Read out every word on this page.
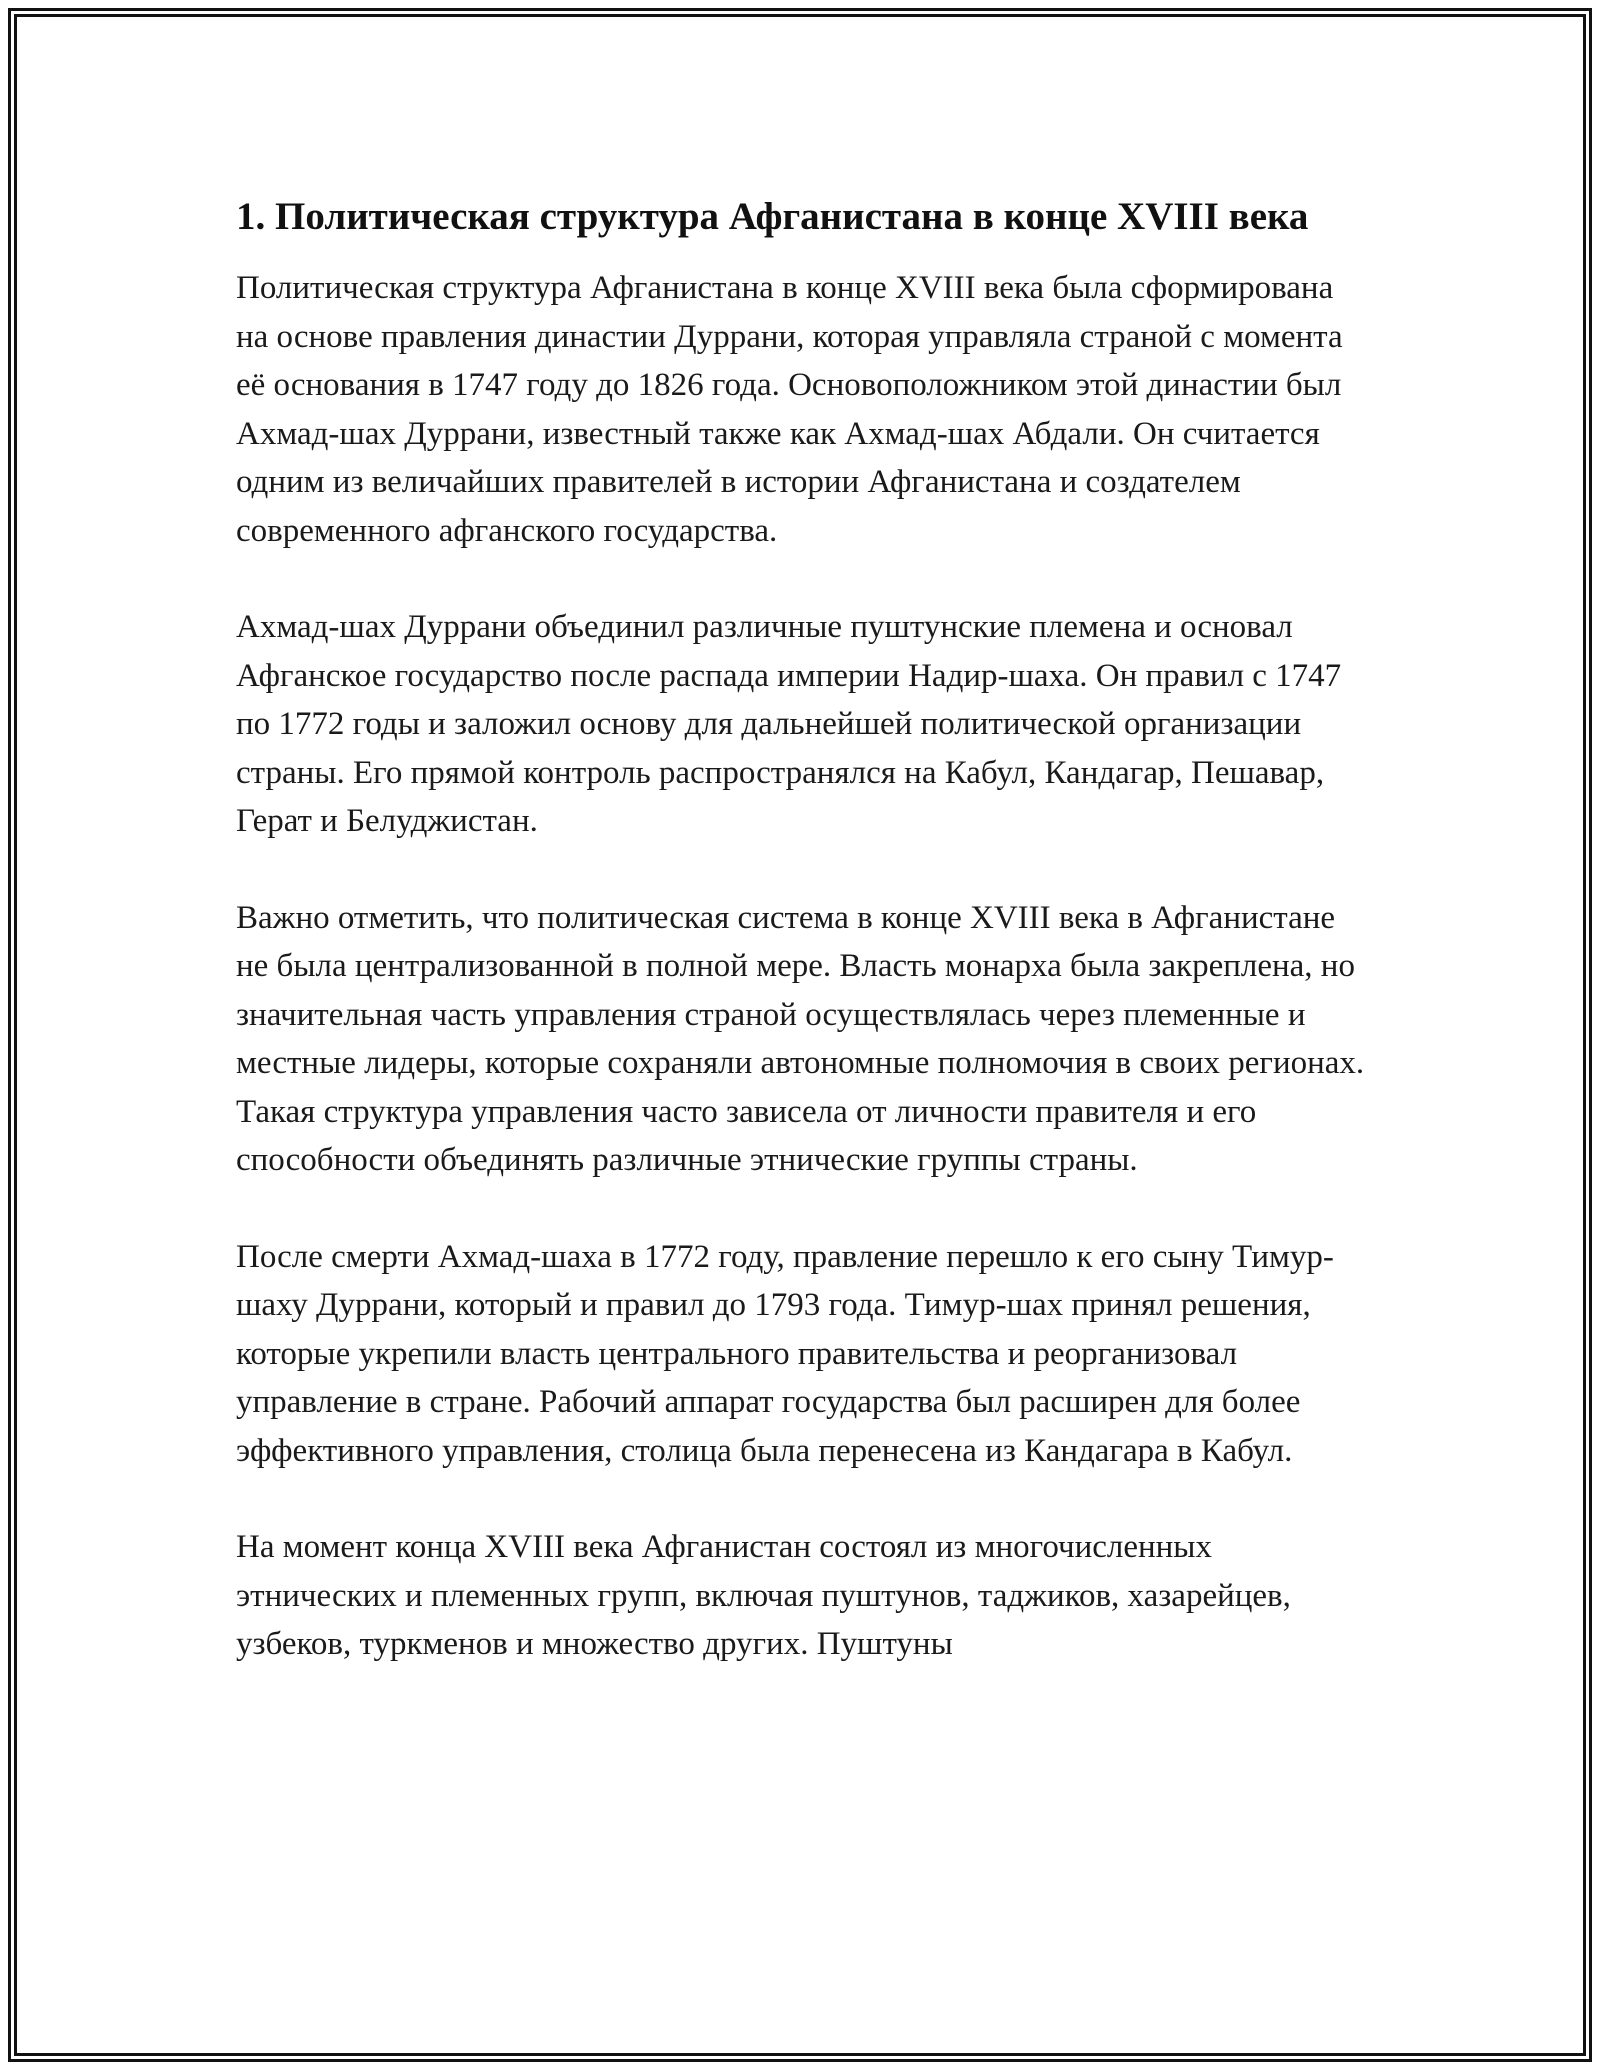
1. Политическая структура Афганистана в конце XVIII века

Политическая структура Афганистана в конце XVIII века была сформирована на основе правления династии Дуррани, которая управляла страной с момента её основания в 1747 году до 1826 года. Основоположником этой династии был Ахмад-шах Дуррани, известный также как Ахмад-шах Абдали. Он считается одним из величайших правителей в истории Афганистана и создателем современного афганского государства.

Ахмад-шах Дуррани объединил различные пуштунские племена и основал Афганское государство после распада империи Надир-шаха. Он правил с 1747 по 1772 годы и заложил основу для дальнейшей политической организации страны. Его прямой контроль распространялся на Кабул, Кандагар, Пешавар, Герат и Белуджистан.

Важно отметить, что политическая система в конце XVIII века в Афганистане не была централизованной в полной мере. Власть монарха была закреплена, но значительная часть управления страной осуществлялась через племенные и местные лидеры, которые сохраняли автономные полномочия в своих регионах. Такая структура управления часто зависела от личности правителя и его способности объединять различные этнические группы страны.

После смерти Ахмад-шаха в 1772 году, правление перешло к его сыну Тимур-шаху Дуррани, который и правил до 1793 года. Тимур-шах принял решения, которые укрепили власть центрального правительства и реорганизовал управление в стране. Рабочий аппарат государства был расширен для более эффективного управления, столица была перенесена из Кандагара в Кабул.

На момент конца XVIII века Афганистан состоял из многочисленных этнических и племенных групп, включая пуштунов, таджиков, хазарейцев, узбеков, туркменов и множество других. Пуштуны
